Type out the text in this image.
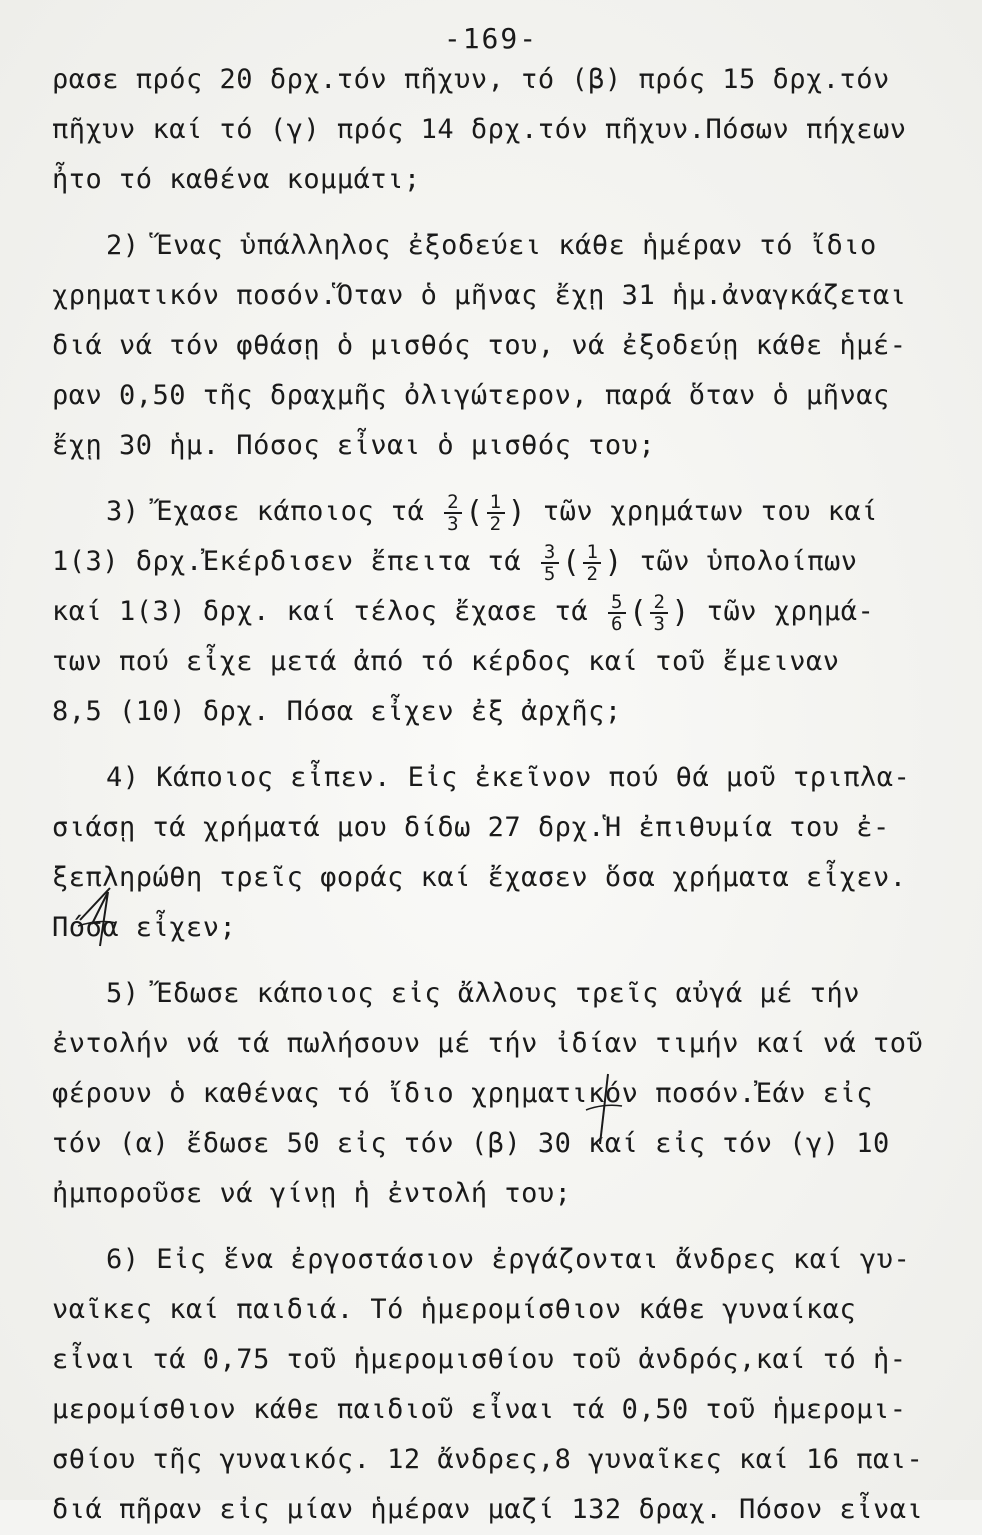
-169-
ρασε πρός 20 δρχ.τόν πῆχυν, τό (β) πρός 15 δρχ.τόν
πῆχυν καί τό (γ) πρός 14 δρχ.τόν πῆχυν.Πόσων πήχεων
ἦτο τό καθένα κομμάτι;
2) Ἕνας ὑπάλληλος ἐξοδεύει κάθε ἡμέραν τό ἴδιο
χρηματικόν ποσόν.Ὅταν ὁ μῆνας ἔχῃ 31 ἡμ.ἀναγκάζεται
διά νά τόν φθάσῃ ὁ μισθός του, νά ἐξοδεύῃ κάθε ἡμέ-
ραν 0,50 τῆς δραχμῆς ὀλιγώτερον, παρά ὅταν ὁ μῆνας
ἔχῃ 30 ἡμ. Πόσος εἶναι ὁ μισθός του;
3) Ἔχασε κάποιος τά $\frac{2}{3}$ ( $\frac{1}{2}$ ) τῶν χρημάτων του καί
1(3) δρχ.Ἐκέρδισεν ἔπειτα τά $\frac{3}{5}$ ( $\frac{1}{2}$ ) τῶν ὑπολοίπων
καί 1(3) δρχ. καί τέλος ἔχασε τά $\frac{5}{6}$ ( $\frac{2}{3}$ ) τῶν χρημά-
των πού εἶχε μετά ἀπό τό κέρδος καί τοῦ ἔμειναν
8,5 (10) δρχ. Πόσα εἶχεν ἐξ ἀρχῆς;
4) Κάποιος εἶπεν. Εἰς ἐκεῖνον πού θά μοῦ τριπλα-
σιάσῃ τά χρήματά μου δίδω 27 δρχ.Ἡ ἐπιθυμία του ἐ-
ξεπληρώθη τρεῖς φοράς καί ἔχασεν ὅσα χρήματα εἶχεν.
Πόσα εἶχεν;
5) Ἔδωσε κάποιος εἰς ἄλλους τρεῖς αὐγά μέ τήν
ἐντολήν νά τά πωλήσουν μέ τήν ἰδίαν τιμήν καί νά τοῦ
φέρουν ὁ καθένας τό ἴδιο χρηματικόν ποσόν.Ἐάν εἰς
τόν (α) ἔδωσε 50 εἰς τόν (β) 30 καί εἰς τόν (γ) 10
ἠμποροῦσε νά γίνῃ ἡ ἐντολή του;
6) Εἰς ἕνα ἐργοστάσιον ἐργάζονται ἄνδρες καί γυ-
ναῖκες καί παιδιά. Τό ἡμερομίσθιον κάθε γυναίκας
εἶναι τά 0,75 τοῦ ἡμερομισθίου τοῦ ἀνδρός,καί τό ἡ-
μερομίσθιον κάθε παιδιοῦ εἶναι τά 0,50 τοῦ ἡμερομι-
σθίου τῆς γυναικός. 12 ἄνδρες,8 γυναῖκες καί 16 παι-
διά πῆραν εἰς μίαν ἡμέραν μαζί 132 δραχ. Πόσον εἶναι
